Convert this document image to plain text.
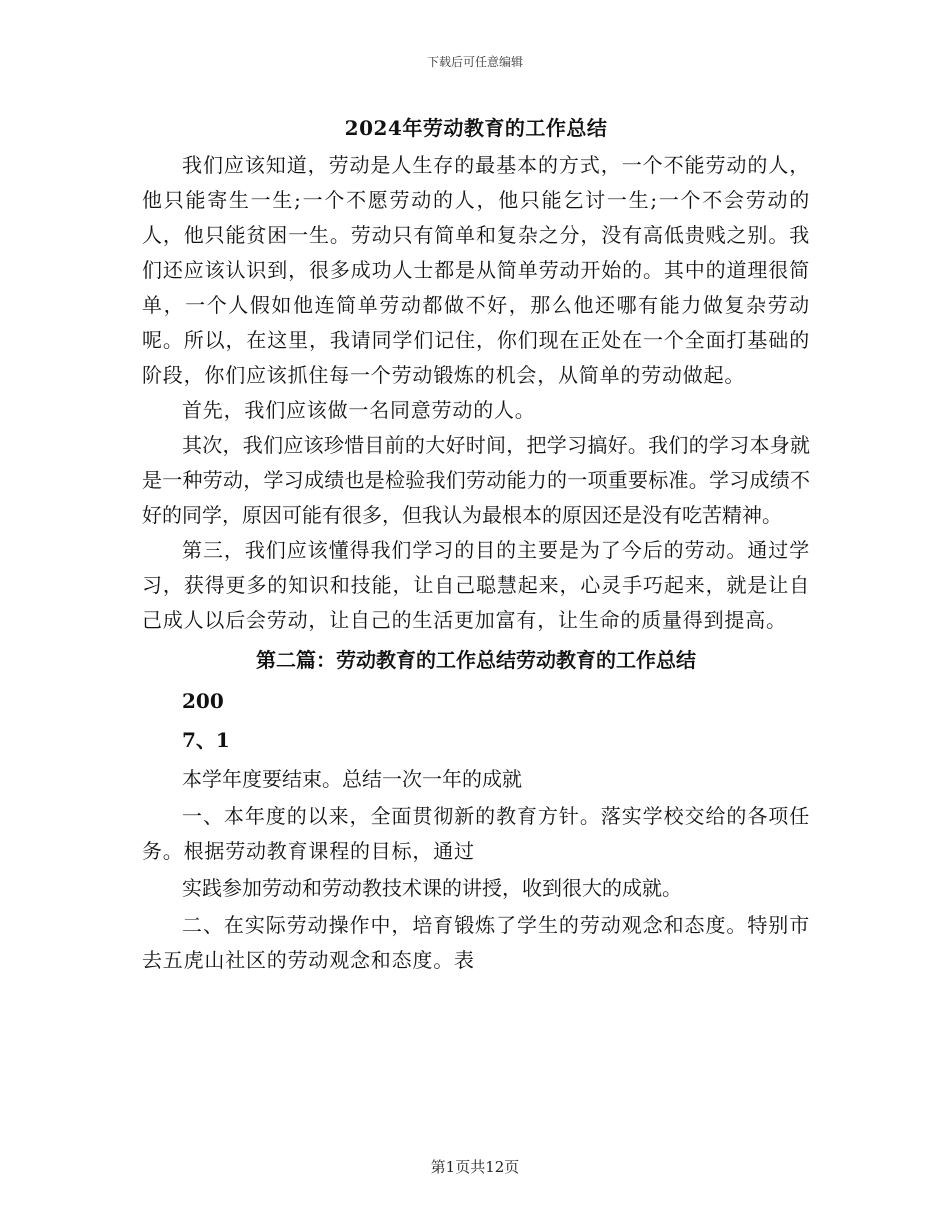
下载后可任意编辑
2024年劳动教育的工作总结

我们应该知道，劳动是人生存的最基本的方式，一个不能劳动的人，他只能寄生一生;一个不愿劳动的人，他只能乞讨一生;一个不会劳动的人，他只能贫困一生。劳动只有简单和复杂之分，没有高低贵贱之别。我们还应该认识到，很多成功人士都是从简单劳动开始的。其中的道理很简单，一个人假如他连简单劳动都做不好，那么他还哪有能力做复杂劳动呢。所以，在这里，我请同学们记住，你们现在正处在一个全面打基础的阶段，你们应该抓住每一个劳动锻炼的机会，从简单的劳动做起。

首先，我们应该做一名同意劳动的人。

其次，我们应该珍惜目前的大好时间，把学习搞好。我们的学习本身就是一种劳动，学习成绩也是检验我们劳动能力的一项重要标准。学习成绩不好的同学，原因可能有很多，但我认为最根本的原因还是没有吃苦精神。

第三，我们应该懂得我们学习的目的主要是为了今后的劳动。通过学习，获得更多的知识和技能，让自己聪慧起来，心灵手巧起来，就是让自己成人以后会劳动，让自己的生活更加富有，让生命的质量得到提高。

第二篇：劳动教育的工作总结劳动教育的工作总结

200

7、1

本学年度要结束。总结一次一年的成就

一、本年度的以来，全面贯彻新的教育方针。落实学校交给的各项任务。根据劳动教育课程的目标，通过

实践参加劳动和劳动教技术课的讲授，收到很大的成就。

二、在实际劳动操作中，培育锻炼了学生的劳动观念和态度。特别市去五虎山社区的劳动观念和态度。表

第1页共12页
